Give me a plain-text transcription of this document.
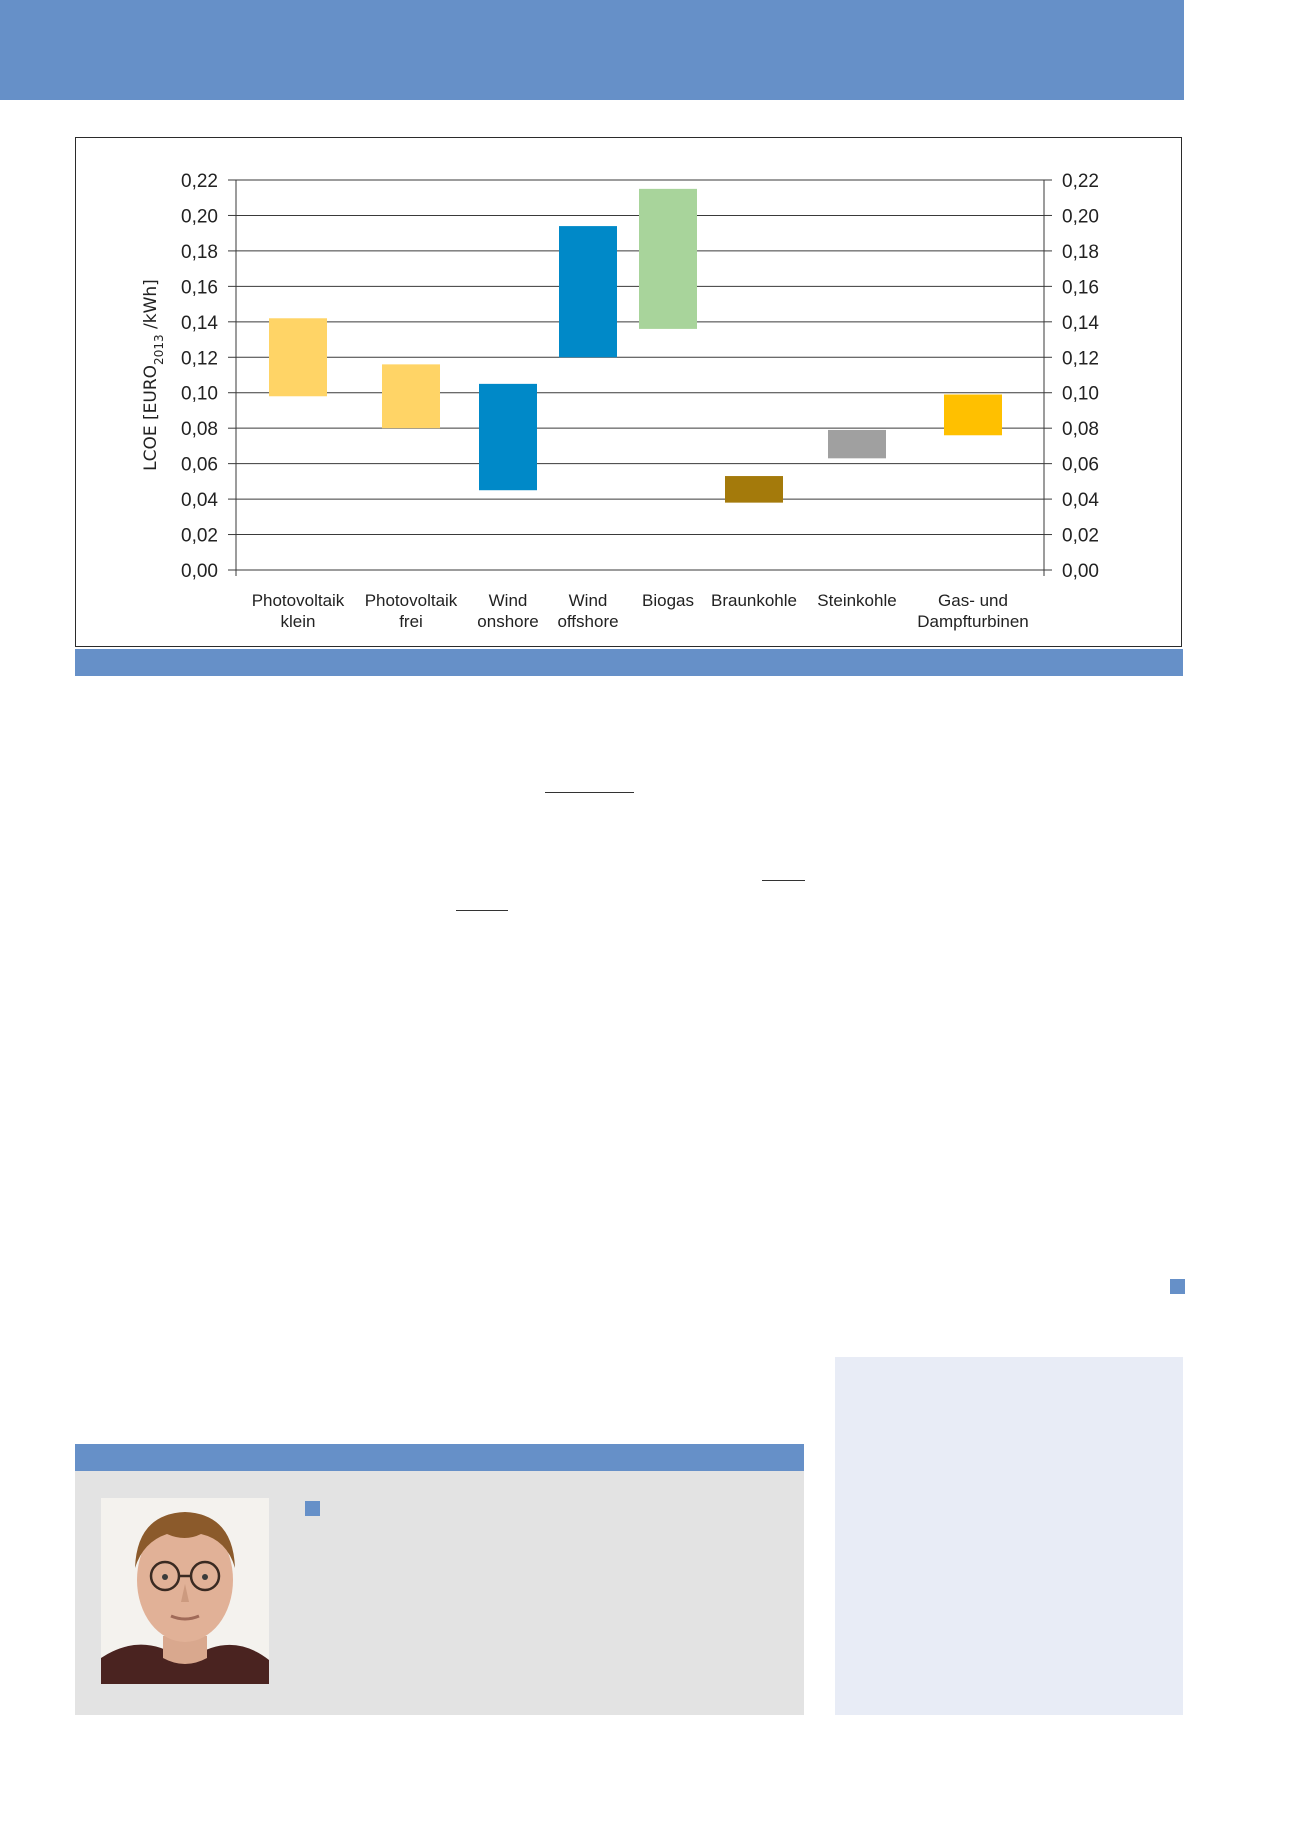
0,00	0,00
0,02	0,02
0,04	0,04
0,06	0,06
0,08	0,08
0,10	0,10
0,12	0,12
0,14	0,14
0,16	0,16
0,18	0,18
0,20	0,20
0,22	0,22
Photovoltaik
klein
Photovoltaik
frei
Wind
onshore
Wind
offshore
Biogas Braunkohle Steinkohle Gas- und
Dampfturbinen
LCOE [$EURO_{2013}$ /kWh]
